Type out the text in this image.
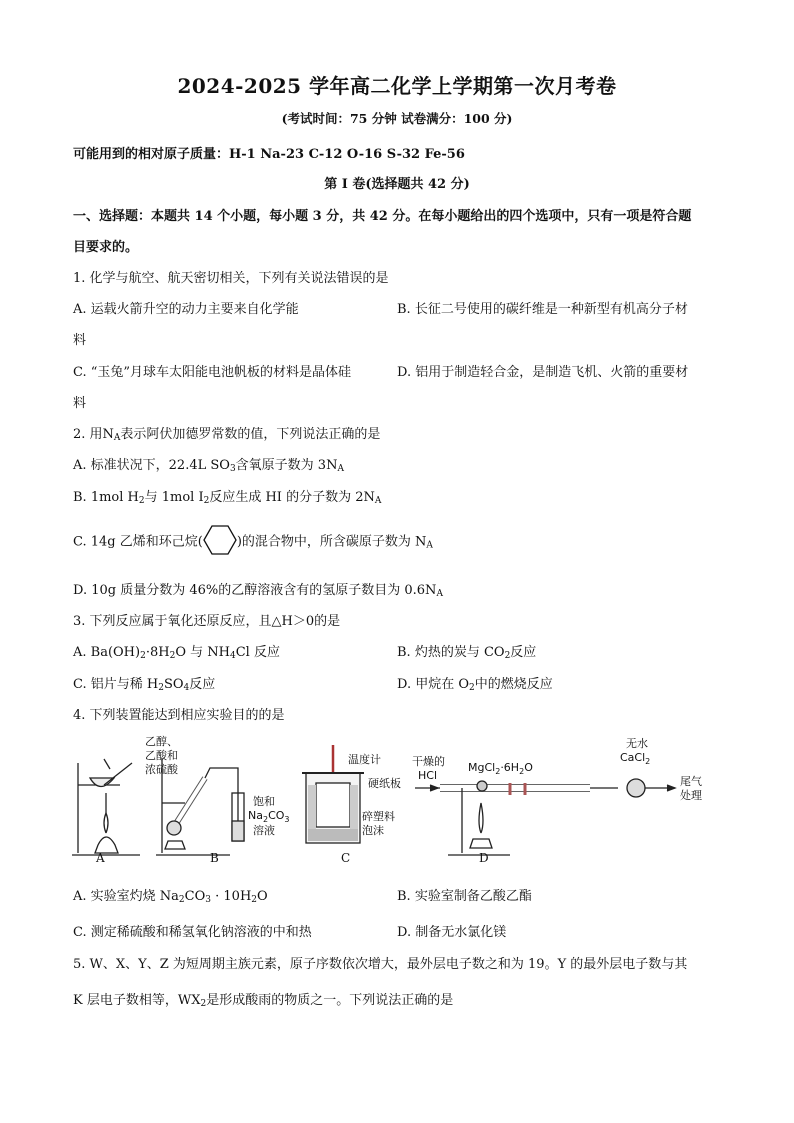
2024-2025 学年高二化学上学期第一次月考卷
(考试时间：75 分钟 试卷满分：100 分)
可能用到的相对原子质量：H-1 Na-23 C-12 O-16 S-32 Fe-56
第 I 卷(选择题共 42 分)
一、选择题：本题共 14 个小题，每小题 3 分，共 42 分。在每小题给出的四个选项中，只有一项是符合题
目要求的。
1. 化学与航空、航天密切相关，下列有关说法错误的是
A. 运载火箭升空的动力主要来自化学能	B. 长征二号使用的碳纤维是一种新型有机高分子材
料
C. “玉兔”月球车太阳能电池帆板的材料是晶体硅	D. 铝用于制造轻合金，是制造飞机、火箭的重要材
料
2. 用$N_A$表示阿伏加德罗常数的值，下列说法正确的是
A. 标准状况下，22.4L $SO_3$含氧原子数为 $3N_A$
B. 1mol $H_2$与 1mol $I_2$反应生成 HI 的分子数为 $2N_A$
C. 14g 乙烯和环己烷(	)的混合物中，所含碳原子数为 $N_A$
D. 10g 质量分数为 46%的乙醇溶液含有的氢原子数目为 $0.6N_A$
3. 下列反应属于氧化还原反应，且△H＞0的是
A. $Ba(OH)_2\cdot 8H_2O$ 与 $NH_4Cl$ 反应	B. 灼热的炭与 $CO_2$反应
C. 铝片与稀 $H_2SO_4$反应	D. 甲烷在 $O_2$中的燃烧反应
4. 下列装置能达到相应实验目的的是
乙醇、
乙酸和
浓硫酸
饱和
$Na_2CO_3$
溶液
温度计
硬纸板
碎塑料
泡沫
干燥的
HCl
$MgCl_2\cdot 6H_2O$
无水
CaCl$_2$
尾气
处理
A	B	C	D
A. 实验室灼烧 $Na_2CO_3 \cdot 10H_2O$	B. 实验室制备乙酸乙酯
C. 测定稀硫酸和稀氢氧化钠溶液的中和热	D. 制备无水氯化镁
5. W、X、Y、Z 为短周期主族元素，原子序数依次增大，最外层电子数之和为 19。Y 的最外层电子数与其
K 层电子数相等，$WX_2$是形成酸雨的物质之一。下列说法正确的是
